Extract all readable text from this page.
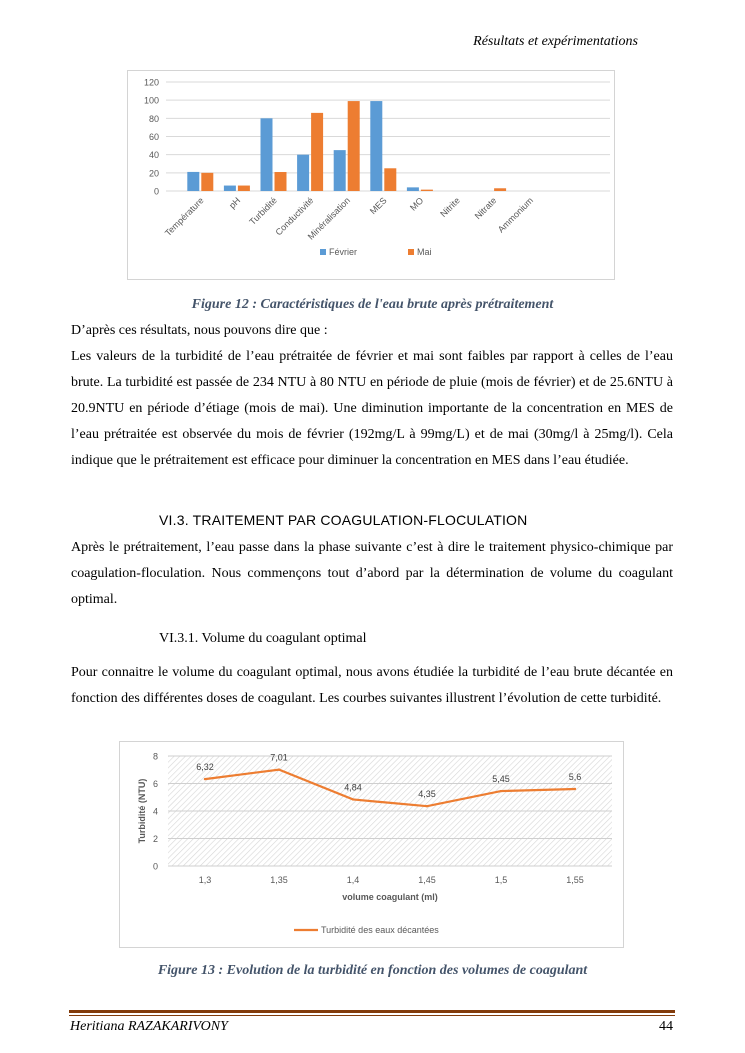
Résultats et expérimentations
0
20
40
60
80
100
120
Température pH Turbidité
Conductivité
Minéralisation MES MO Nitrite Nitrate
Ammonium
Février	Mai
Figure 12 : Caractéristiques de l'eau brute après prétraitement

D’après ces résultats, nous pouvons dire que :

Les valeurs de la turbidité de l’eau prétraitée de février et mai sont faibles par rapport à celles de l’eau brute. La turbidité est passée de 234 NTU à 80 NTU en période de pluie (mois de février) et de 25.6NTU à 20.9NTU en période d’étiage (mois de mai). Une diminution importante de la concentration en MES de l’eau prétraitée est observée du mois de février (192mg/L à 99mg/L) et de mai (30mg/l à 25mg/l). Cela indique que le prétraitement est efficace pour diminuer la concentration en MES dans l’eau étudiée.

VI.3. TRAITEMENT PAR COAGULATION-FLOCULATION
Après le prétraitement, l’eau passe dans la phase suivante c’est à dire le traitement physico-chimique par coagulation-floculation. Nous commençons tout d’abord par la détermination de volume du coagulant optimal.
VI.3.1. Volume du coagulant optimal
Pour connaitre le volume du coagulant optimal, nous avons étudiée la turbidité de l’eau brute décantée en fonction des différentes doses de coagulant. Les courbes suivantes illustrent l’évolution de cette turbidité.
0
2
4
6
8
1,3	1,35	1,4	1,45	1,5	1,55
6,32
7,01
4,84
4,35
5,45	5,6
volume coagulant (ml)
Turbidité (NTU)
Turbidité des eaux décantées
Figure 13 : Evolution de la turbidité en fonction des volumes de coagulant
Heritiana RAZAKARIVONY	44
